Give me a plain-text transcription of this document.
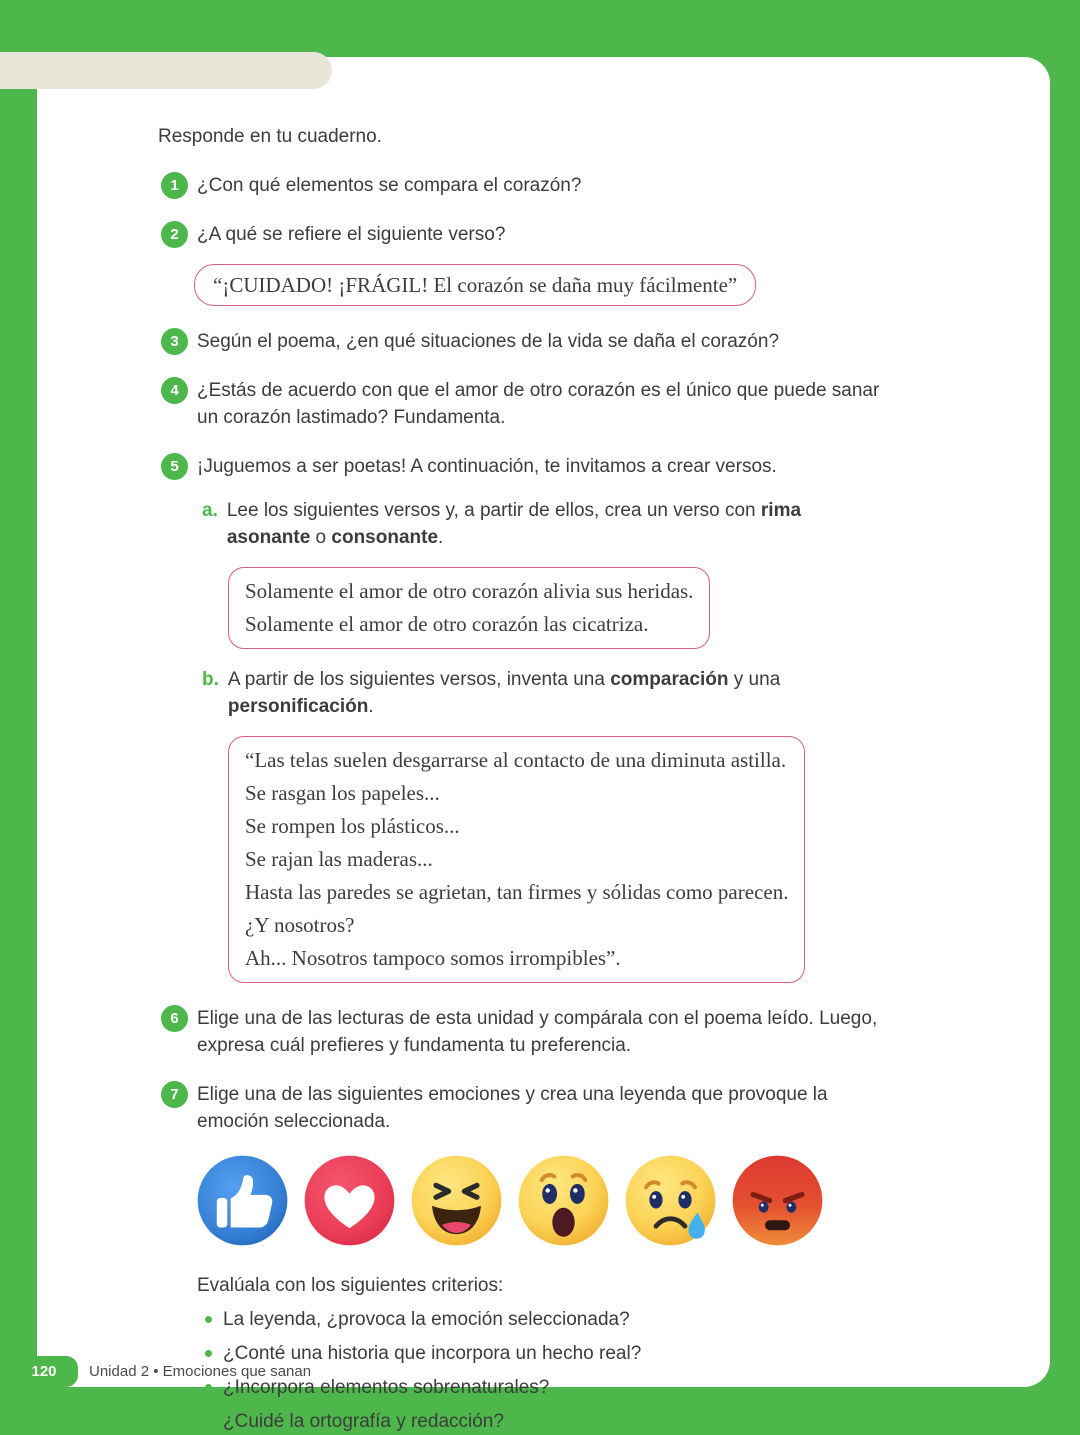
Responde en tu cuaderno.

1 ¿Con qué elementos se compara el corazón?

2 ¿A qué se refiere el siguiente verso?

“¡CUIDADO! ¡FRÁGIL! El corazón se daña muy fácilmente”
3 Según el poema, ¿en qué situaciones de la vida se daña el corazón?

4 ¿Estás de acuerdo con que el amor de otro corazón es el único que puede sanar un corazón lastimado? Fundamenta.

5 ¡Juguemos a ser poetas! A continuación, te invitamos a crear versos.

a. Lee los siguientes versos y, a partir de ellos, crea un verso con rima asonante o consonante.

Solamente el amor de otro corazón alivia sus heridas.
Solamente el amor de otro corazón las cicatriza.
b. A partir de los siguientes versos, inventa una comparación y una personificación.

“Las telas suelen desgarrarse al contacto de una diminuta astilla.
Se rasgan los papeles...
Se rompen los plásticos...
Se rajan las maderas...
Hasta las paredes se agrietan, tan firmes y sólidas como parecen.
¿Y nosotros?
Ah... Nosotros tampoco somos irrompibles”.
6 Elige una de las lecturas de esta unidad y compárala con el poema leído. Luego, expresa cuál prefieres y fundamenta tu preferencia.

7 Elige una de las siguientes emociones y crea una leyenda que provoque la emoción seleccionada.

Evalúala con los siguientes criterios:

La leyenda, ¿provoca la emoción seleccionada?

¿Conté una historia que incorpora un hecho real?

¿Incorpora elementos sobrenaturales?

¿Cuidé la ortografía y redacción?

120	Unidad 2 • Emociones que sanan
